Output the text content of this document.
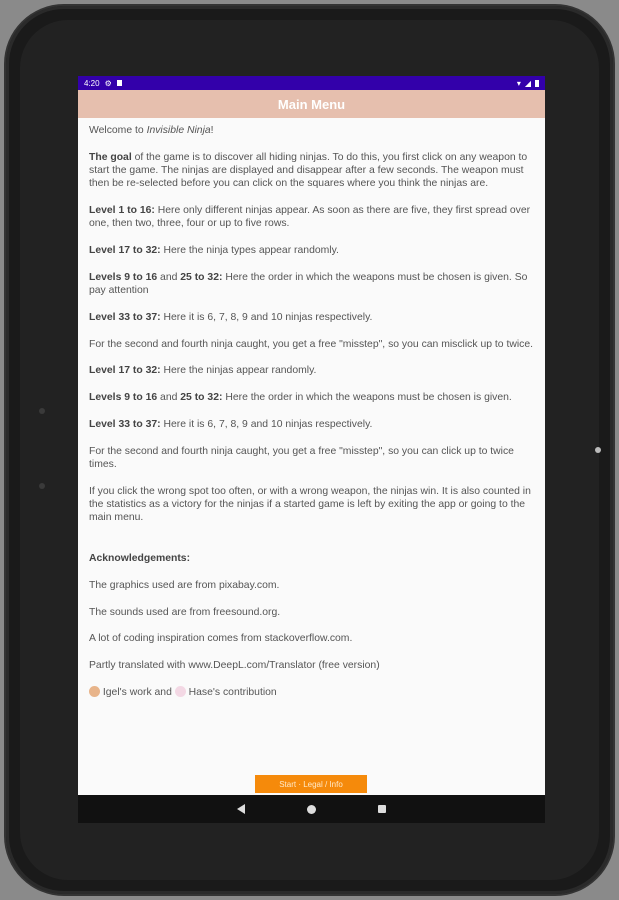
4:20 ⚙	▾ ◢
Main Menu

Welcome to Invisible Ninja!

The goal of the game is to discover all hiding ninjas. To do this, you first click on any weapon to start the game. The ninjas are displayed and disappear after a few seconds. The weapon must then be re-selected before you can click on the squares where you think the ninjas are.

Level 1 to 16: Here only different ninjas appear. As soon as there are five, they first spread over one, then two, three, four or up to five rows.

Level 17 to 32: Here the ninja types appear randomly.

Levels 9 to 16 and 25 to 32: Here the order in which the weapons must be chosen is given. So pay attention

Level 33 to 37: Here it is 6, 7, 8, 9 and 10 ninjas respectively.

For the second and fourth ninja caught, you get a free "misstep", so you can misclick up to twice.

Level 17 to 32: Here the ninjas appear randomly.

Levels 9 to 16 and 25 to 32: Here the order in which the weapons must be chosen is given.

Level 33 to 37: Here it is 6, 7, 8, 9 and 10 ninjas respectively.

For the second and fourth ninja caught, you get a free "misstep", so you can click up to twice times.

If you click the wrong spot too often, or with a wrong weapon, the ninjas win. It is also counted in the statistics as a victory for the ninjas if a started game is left by exiting the app or going to the main menu.

Acknowledgements:

The graphics used are from pixabay.com.

The sounds used are from freesound.org.

A lot of coding inspiration comes from stackoverflow.com.

Partly translated with www.DeepL.com/Translator (free version)

Igel's work and  Hase's contribution

Start · Legal / Info
